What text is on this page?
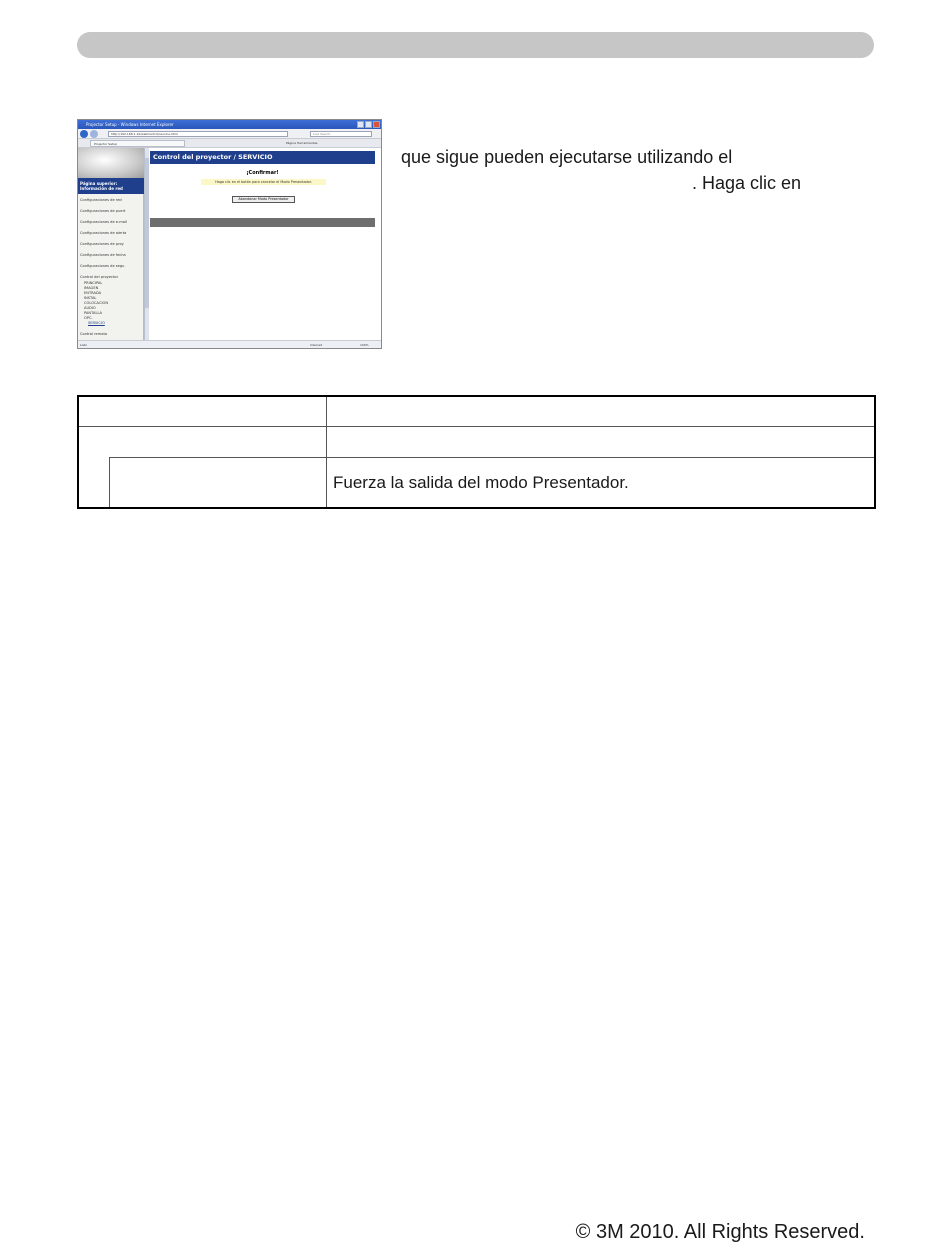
Projector Setup - Windows Internet Explorer
http://192.168.1.10/webControl/service.html	Live Search
Projector Setup	Página Herramientas
Página superior: Información de red
Configuraciones de red
Configuraciones de puert
Configuraciones de e-mail
Configuraciones de alerta
Configuraciones de proy
Configuraciones de fecha
Configuraciones de segu
Control del proyector
PRINCIPAL
IMAGEN
ENTRADA
INSTAL
COLOCACION
AUDIO
PANTALLA
OPC.
SERVICIO
Control remoto
Control del proyector / SERVICIO
¡Confirmar!
Haga clic en el botón para cancelar el Modo Presentador.
Abandonar Modo Presentador
Listo	Internet	100%
que sigue pueden ejecutarse utilizando el
. Haga clic en
Fuerza la salida del modo Presentador.
© 3M 2010. All Rights Reserved.
